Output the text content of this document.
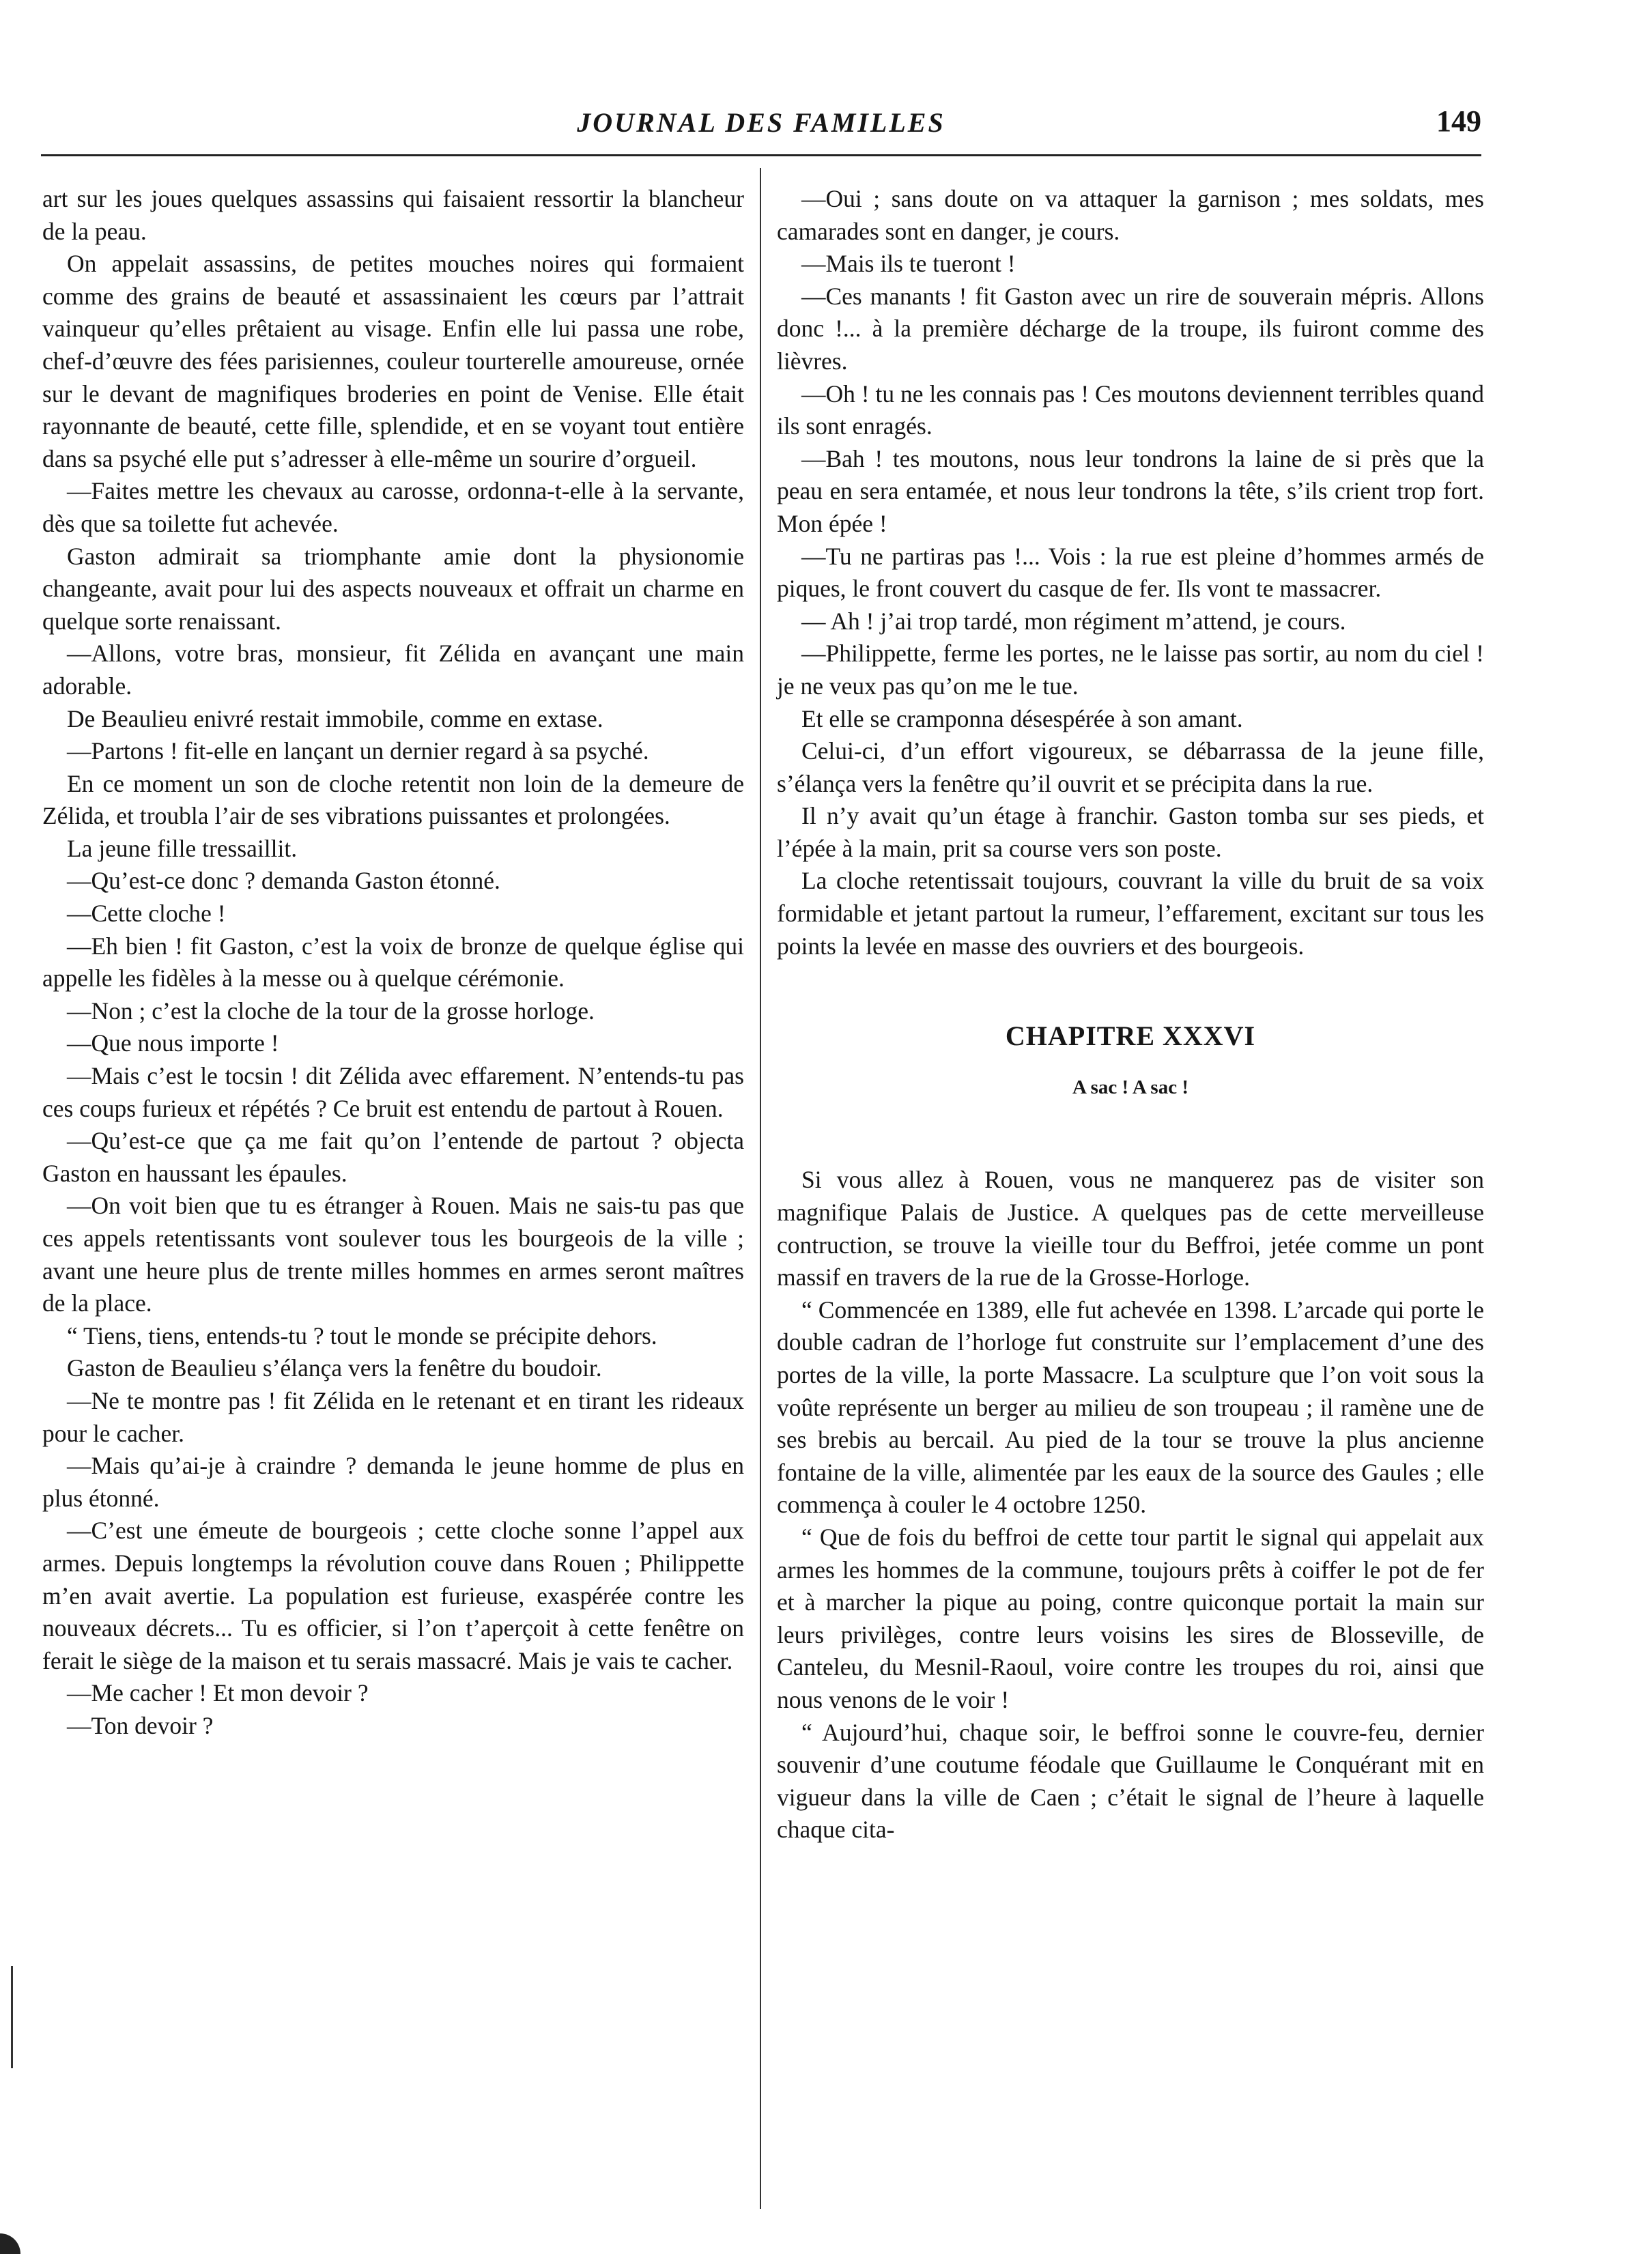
JOURNAL DES FAMILLES	149

art sur les joues quelques assassins qui faisaient ressortir la blancheur de la peau.

On appelait assassins, de petites mouches noires qui formaient comme des grains de beauté et assassinaient les cœurs par l’attrait vainqueur qu’elles prêtaient au visage. Enfin elle lui passa une robe, chef-d’œuvre des fées parisiennes, couleur tourterelle amoureuse, ornée sur le devant de magnifiques broderies en point de Venise. Elle était rayonnante de beauté, cette fille, splendide, et en se voyant tout entière dans sa psyché elle put s’adresser à elle-même un sourire d’orgueil.

—Faites mettre les chevaux au carosse, ordonna-t-elle à la servante, dès que sa toilette fut achevée.

Gaston admirait sa triomphante amie dont la physionomie changeante, avait pour lui des aspects nouveaux et offrait un charme en quelque sorte renaissant.

—Allons, votre bras, monsieur, fit Zélida en avançant une main adorable.

De Beaulieu enivré restait immobile, comme en extase.

—Partons ! fit-elle en lançant un dernier regard à sa psyché.

En ce moment un son de cloche retentit non loin de la demeure de Zélida, et troubla l’air de ses vibrations puissantes et prolongées.

La jeune fille tressaillit.

—Qu’est-ce donc ? demanda Gaston étonné.

—Cette cloche !

—Eh bien ! fit Gaston, c’est la voix de bronze de quelque église qui appelle les fidèles à la messe ou à quelque cérémonie.

—Non ; c’est la cloche de la tour de la grosse horloge.

—Que nous importe !

—Mais c’est le tocsin ! dit Zélida avec effarement. N’entends-tu pas ces coups furieux et répétés ? Ce bruit est entendu de partout à Rouen.

—Qu’est-ce que ça me fait qu’on l’entende de partout ? objecta Gaston en haussant les épaules.

—On voit bien que tu es étranger à Rouen. Mais ne sais-tu pas que ces appels retentissants vont soulever tous les bourgeois de la ville ; avant une heure plus de trente milles hommes en armes seront maîtres de la place.

“ Tiens, tiens, entends-tu ? tout le monde se précipite dehors.

Gaston de Beaulieu s’élança vers la fenêtre du boudoir.

—Ne te montre pas ! fit Zélida en le retenant et en tirant les rideaux pour le cacher.

—Mais qu’ai-je à craindre ? demanda le jeune homme de plus en plus étonné.

—C’est une émeute de bourgeois ; cette cloche sonne l’appel aux armes. Depuis longtemps la révolution couve dans Rouen ; Philippette m’en avait avertie. La population est furieuse, exaspérée contre les nouveaux décrets... Tu es officier, si l’on t’aperçoit à cette fenêtre on ferait le siège de la maison et tu serais massacré. Mais je vais te cacher.

—Me cacher ! Et mon devoir ?

—Ton devoir ?

—Oui ; sans doute on va attaquer la garnison ; mes soldats, mes camarades sont en danger, je cours.

—Mais ils te tueront !

—Ces manants ! fit Gaston avec un rire de souverain mépris. Allons donc !... à la première décharge de la troupe, ils fuiront comme des lièvres.

—Oh ! tu ne les connais pas ! Ces moutons deviennent terribles quand ils sont enragés.

—Bah ! tes moutons, nous leur tondrons la laine de si près que la peau en sera entamée, et nous leur tondrons la tête, s’ils crient trop fort. Mon épée !

—Tu ne partiras pas !... Vois : la rue est pleine d’hommes armés de piques, le front couvert du casque de fer. Ils vont te massacrer.

— Ah ! j’ai trop tardé, mon régiment m’attend, je cours.

—Philippette, ferme les portes, ne le laisse pas sortir, au nom du ciel ! je ne veux pas qu’on me le tue.

Et elle se cramponna désespérée à son amant.

Celui-ci, d’un effort vigoureux, se débarrassa de la jeune fille, s’élança vers la fenêtre qu’il ouvrit et se précipita dans la rue.

Il n’y avait qu’un étage à franchir. Gaston tomba sur ses pieds, et l’épée à la main, prit sa course vers son poste.

La cloche retentissait toujours, couvrant la ville du bruit de sa voix formidable et jetant partout la rumeur, l’effarement, excitant sur tous les points la levée en masse des ouvriers et des bourgeois.

CHAPITRE XXXVI
A sac ! A sac !

Si vous allez à Rouen, vous ne manquerez pas de visiter son magnifique Palais de Justice. A quelques pas de cette merveilleuse contruction, se trouve la vieille tour du Beffroi, jetée comme un pont massif en travers de la rue de la Grosse-Horloge.

“ Commencée en 1389, elle fut achevée en 1398. L’arcade qui porte le double cadran de l’horloge fut construite sur l’emplacement d’une des portes de la ville, la porte Massacre. La sculpture que l’on voit sous la voûte représente un berger au milieu de son troupeau ; il ramène une de ses brebis au bercail. Au pied de la tour se trouve la plus ancienne fontaine de la ville, alimentée par les eaux de la source des Gaules ; elle commença à couler le 4 octobre 1250.

“ Que de fois du beffroi de cette tour partit le signal qui appelait aux armes les hommes de la commune, toujours prêts à coiffer le pot de fer et à marcher la pique au poing, contre quiconque portait la main sur leurs privilèges, contre leurs voisins les sires de Blosseville, de Canteleu, du Mesnil-Raoul, voire contre les troupes du roi, ainsi que nous venons de le voir !

“ Aujourd’hui, chaque soir, le beffroi sonne le couvre-feu, dernier souvenir d’une coutume féodale que Guillaume le Conquérant mit en vigueur dans la ville de Caen ; c’était le signal de l’heure à laquelle chaque cita-
